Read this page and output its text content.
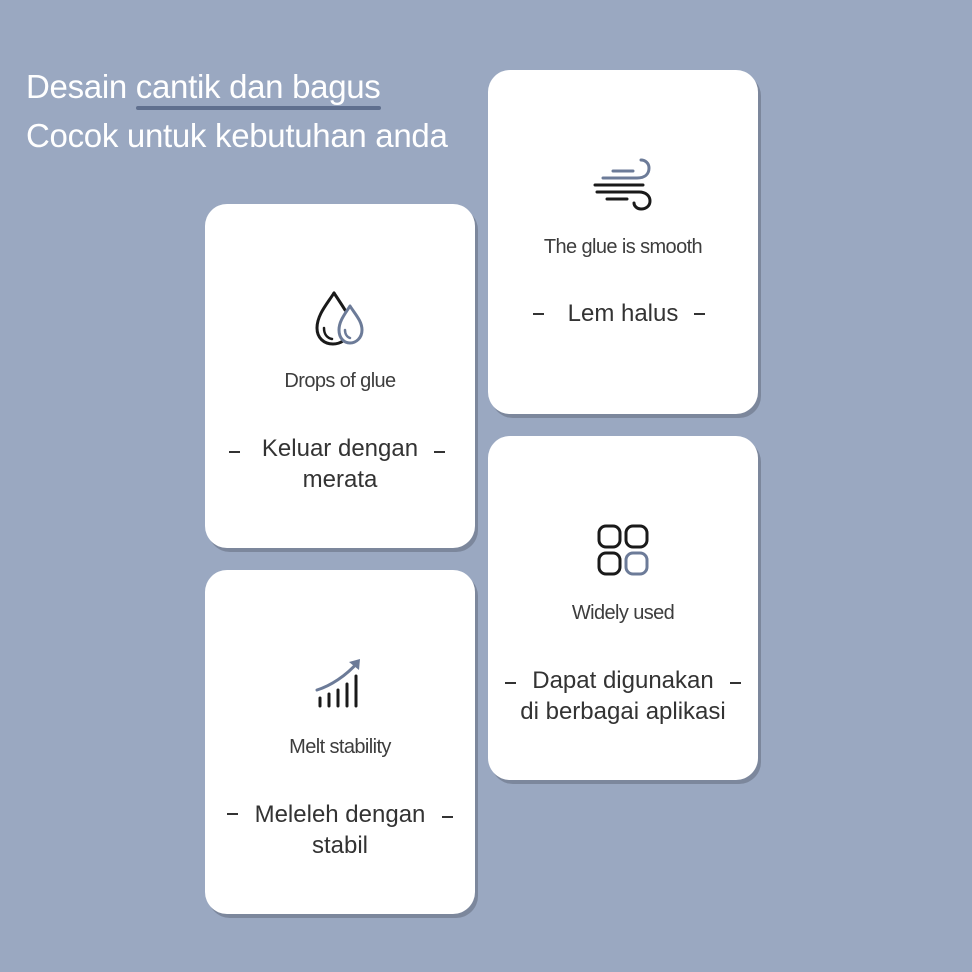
Desain cantik dan bagus
Cocok untuk kebutuhan anda
Drops of glue
Keluar dengan
merata
The glue is smooth
Lem halus
Widely used
Dapat digunakan
di berbagai aplikasi
Melt stability
Meleleh dengan
stabil
